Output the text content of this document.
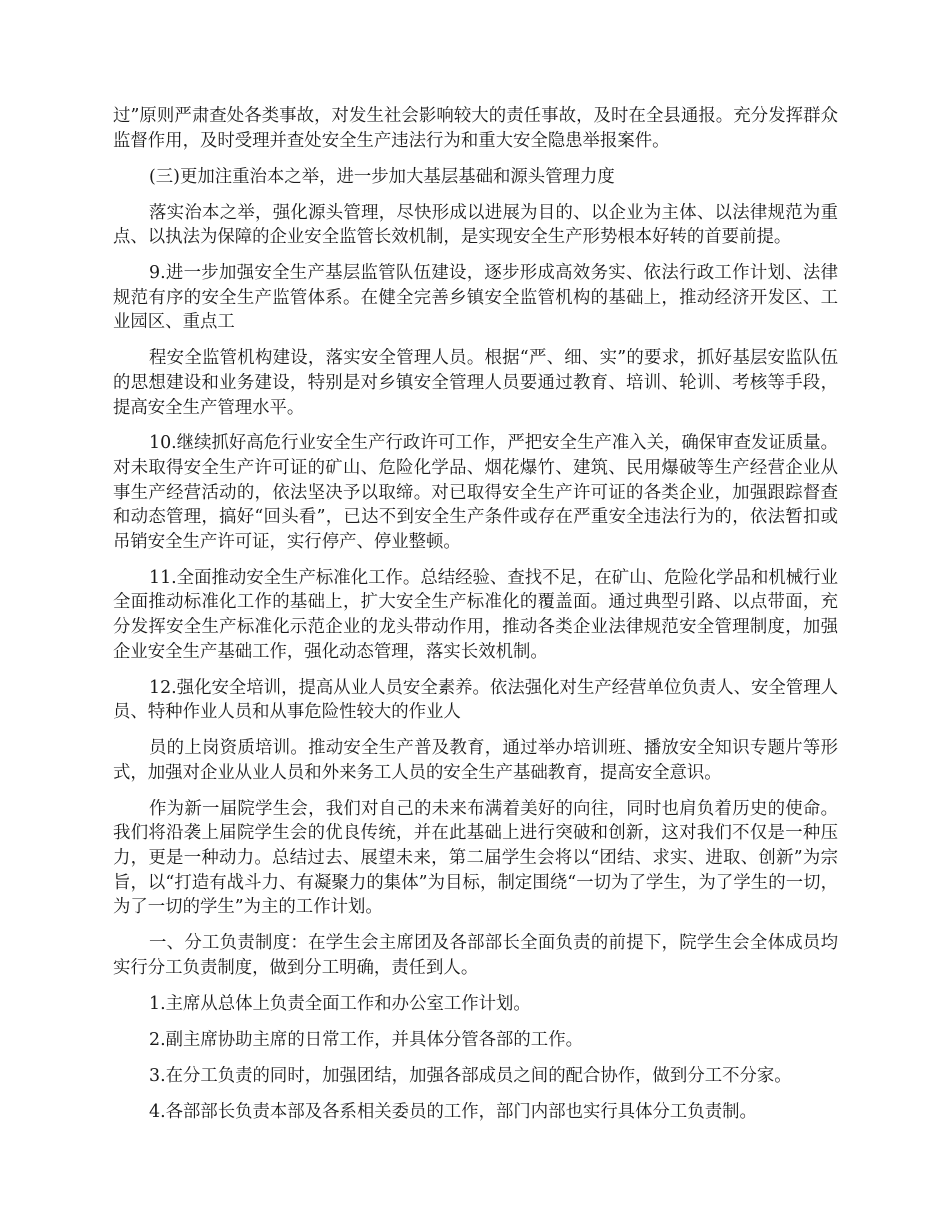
过”原则严肃查处各类事故，对发生社会影响较大的责任事故，及时在全县通报。充分发挥群众监督作用，及时受理并查处安全生产违法行为和重大安全隐患举报案件。

(三)更加注重治本之举，进一步加大基层基础和源头管理力度

落实治本之举，强化源头管理，尽快形成以进展为目的、以企业为主体、以法律规范为重点、以执法为保障的企业安全监管长效机制，是实现安全生产形势根本好转的首要前提。

9.进一步加强安全生产基层监管队伍建设，逐步形成高效务实、依法行政工作计划、法律规范有序的安全生产监管体系。在健全完善乡镇安全监管机构的基础上，推动经济开发区、工业园区、重点工

程安全监管机构建设，落实安全管理人员。根据“严、细、实”的要求，抓好基层安监队伍的思想建设和业务建设，特别是对乡镇安全管理人员要通过教育、培训、轮训、考核等手段，提高安全生产管理水平。

10.继续抓好高危行业安全生产行政许可工作，严把安全生产准入关，确保审查发证质量。对未取得安全生产许可证的矿山、危险化学品、烟花爆竹、建筑、民用爆破等生产经营企业从事生产经营活动的，依法坚决予以取缔。对已取得安全生产许可证的各类企业，加强跟踪督查和动态管理，搞好“回头看”，已达不到安全生产条件或存在严重安全违法行为的，依法暂扣或吊销安全生产许可证，实行停产、停业整顿。

11.全面推动安全生产标准化工作。总结经验、查找不足，在矿山、危险化学品和机械行业全面推动标准化工作的基础上，扩大安全生产标准化的覆盖面。通过典型引路、以点带面，充分发挥安全生产标准化示范企业的龙头带动作用，推动各类企业法律规范安全管理制度，加强企业安全生产基础工作，强化动态管理，落实长效机制。

12.强化安全培训，提高从业人员安全素养。依法强化对生产经营单位负责人、安全管理人员、特种作业人员和从事危险性较大的作业人

员的上岗资质培训。推动安全生产普及教育，通过举办培训班、播放安全知识专题片等形式，加强对企业从业人员和外来务工人员的安全生产基础教育，提高安全意识。

作为新一届院学生会，我们对自己的未来布满着美好的向往，同时也肩负着历史的使命。我们将沿袭上届院学生会的优良传统，并在此基础上进行突破和创新，这对我们不仅是一种压力，更是一种动力。总结过去、展望未来，第二届学生会将以“团结、求实、进取、创新”为宗旨，以“打造有战斗力、有凝聚力的集体”为目标，制定围绕“一切为了学生，为了学生的一切，为了一切的学生”为主的工作计划。

一、分工负责制度：在学生会主席团及各部部长全面负责的前提下，院学生会全体成员均实行分工负责制度，做到分工明确，责任到人。

1.主席从总体上负责全面工作和办公室工作计划。

2.副主席协助主席的日常工作，并具体分管各部的工作。

3.在分工负责的同时，加强团结，加强各部成员之间的配合协作，做到分工不分家。

4.各部部长负责本部及各系相关委员的工作，部门内部也实行具体分工负责制。
